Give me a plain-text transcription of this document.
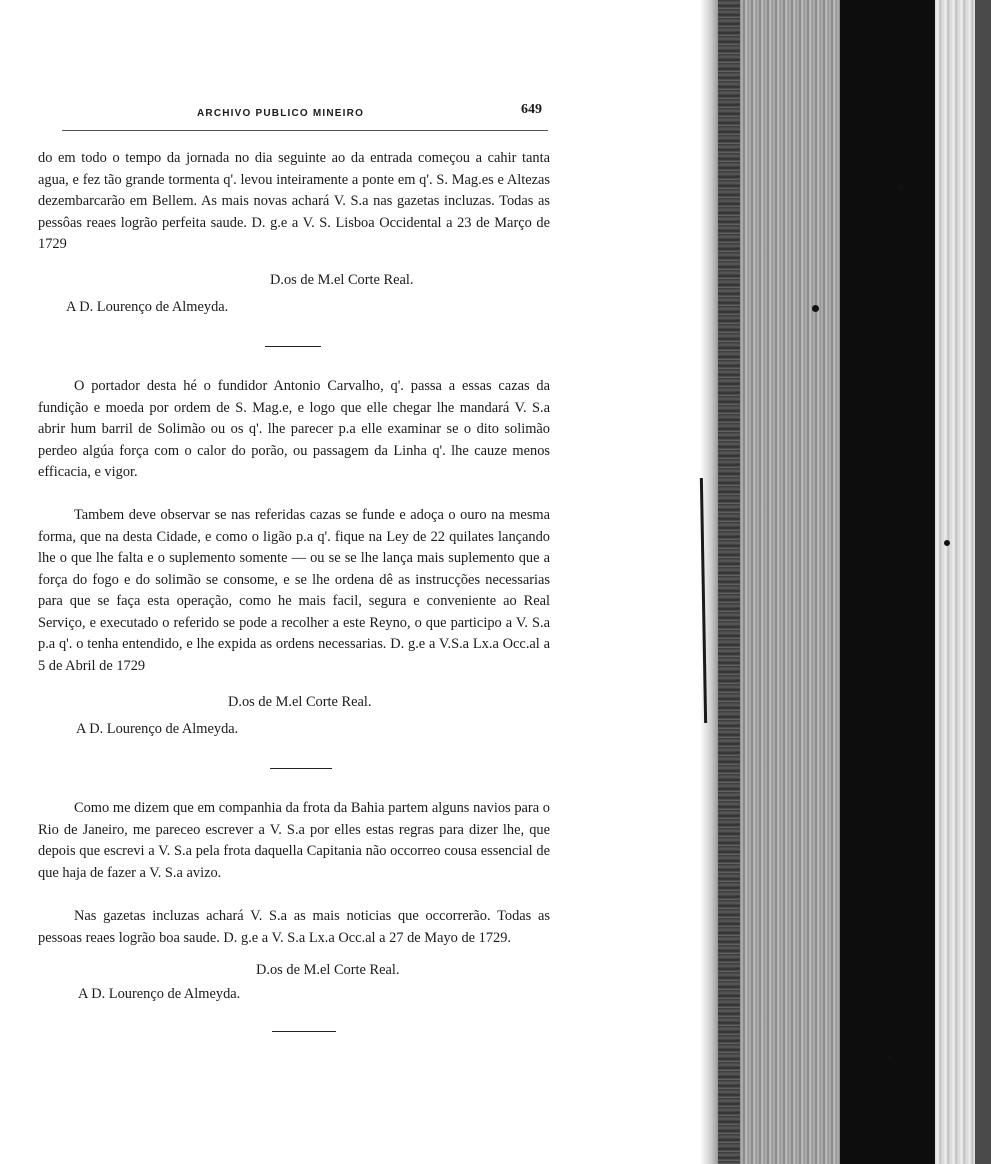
ARCHIVO PUBLICO MINEIRO	649

do em todo o tempo da jornada no dia seguinte ao da entrada começou a cahir tanta agua, e fez tão grande tormenta q'. levou inteiramente a ponte em q'. S. Mag.es e Altezas dezembarcarão em Bellem. As mais novas achará V. S.a nas gazetas incluzas. Todas as pessôas reaes logrão perfeita saude. D. g.e a V. S. Lisboa Occidental a 23 de Março de 1729

D.os de M.el Corte Real.
A D. Lourenço de Almeyda.

O portador desta hé o fundidor Antonio Carvalho, q'. passa a essas cazas da fundição e moeda por ordem de S. Mag.e, e logo que elle chegar lhe mandará V. S.a abrir hum barril de Solimão ou os q'. lhe parecer p.a elle examinar se o dito solimão perdeo algúa força com o calor do porão, ou passagem da Linha q'. lhe cauze menos efficacia, e vigor.

Tambem deve observar se nas referidas cazas se funde e adoça o ouro na mesma forma, que na desta Cidade, e como o ligão p.a q'. fique na Ley de 22 quilates lançando lhe o que lhe falta e o suplemento somente — ou se se lhe lança mais suplemento que a força do fogo e do solimão se consome, e se lhe ordena dê as instrucções necessarias para que se faça esta operação, como he mais facil, segura e conveniente ao Real Serviço, e executado o referido se pode a recolher a este Reyno, o que participo a V. S.a p.a q'. o tenha entendido, e lhe expida as ordens necessarias. D. g.e a V.S.a Lx.a Occ.al a 5 de Abril de 1729

D.os de M.el Corte Real.
A D. Lourenço de Almeyda.

Como me dizem que em companhia da frota da Bahia partem alguns navios para o Rio de Janeiro, me pareceo escrever a V. S.a por elles estas regras para dizer lhe, que depois que escrevi a V. S.a pela frota daquella Capitania não occorreo cousa essencial de que haja de fazer a V. S.a avizo.

Nas gazetas incluzas achará V. S.a as mais noticias que occorrerão. Todas as pessoas reaes logrão boa saude. D. g.e a V. S.a Lx.a Occ.al a 27 de Mayo de 1729.

D.os de M.el Corte Real.
A D. Lourenço de Almeyda.
